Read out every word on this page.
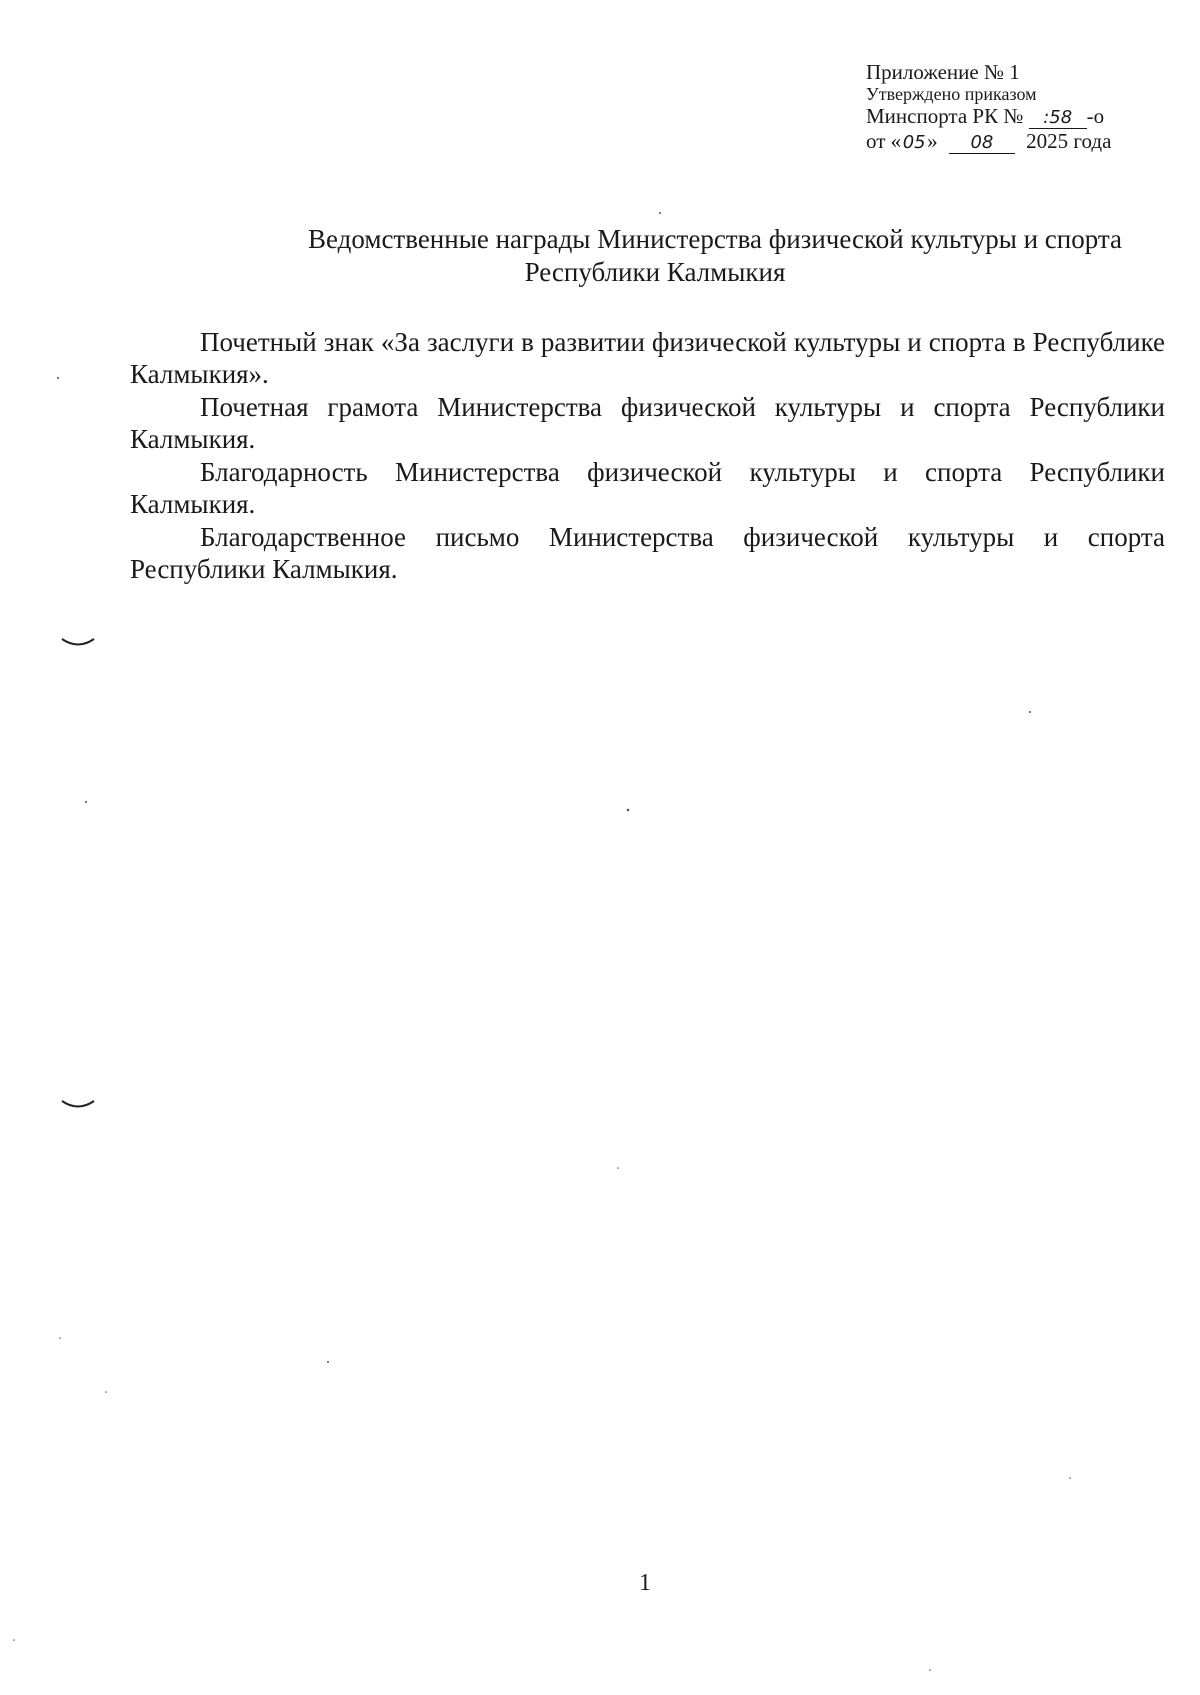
Приложение № 1
Утверждено приказом
Минспорта РК № :58 -о
от «05» 08 2025 года
Ведомственные награды Министерства физической культуры и спорта
Республики Калмыкия

Почетный знак «За заслуги в развитии физической культуры и спорта в Республике Калмыкия».

Почетная грамота Министерства физической культуры и спорта Республики Калмыкия.

Благодарность Министерства физической культуры и спорта Республики Калмыкия.

Благодарственное письмо Министерства физической культуры и спорта Республики Калмыкия.

1
